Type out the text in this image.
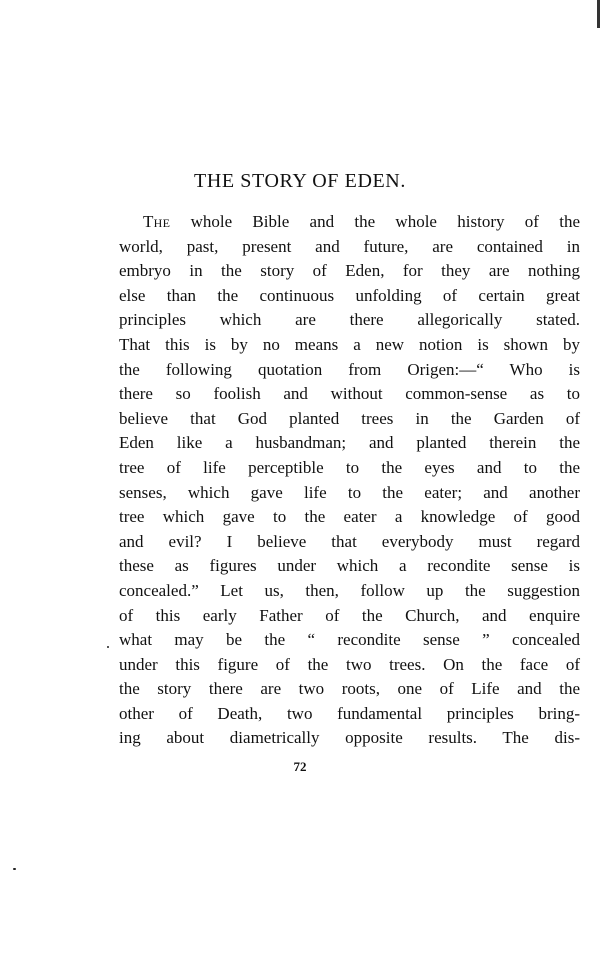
THE STORY OF EDEN.
The whole Bible and the whole history of the
world, past, present and future, are contained in
embryo in the story of Eden, for they are nothing
else than the continuous unfolding of certain great
principles which are there allegorically stated.
That this is by no means a new notion is shown by
the following quotation from Origen:—“ Who is
there so foolish and without common-sense as to
believe that God planted trees in the Garden of
Eden like a husbandman; and planted therein the
tree of life perceptible to the eyes and to the
senses, which gave life to the eater; and another
tree which gave to the eater a knowledge of good
and evil? I believe that everybody must regard
these as figures under which a recondite sense is
concealed.” Let us, then, follow up the suggestion
of this early Father of the Church, and enquire
what may be the “ recondite sense ” concealed
under this figure of the two trees. On the face of
the story there are two roots, one of Life and the
other of Death, two fundamental principles bring-
ing about diametrically opposite results. The dis-
72
